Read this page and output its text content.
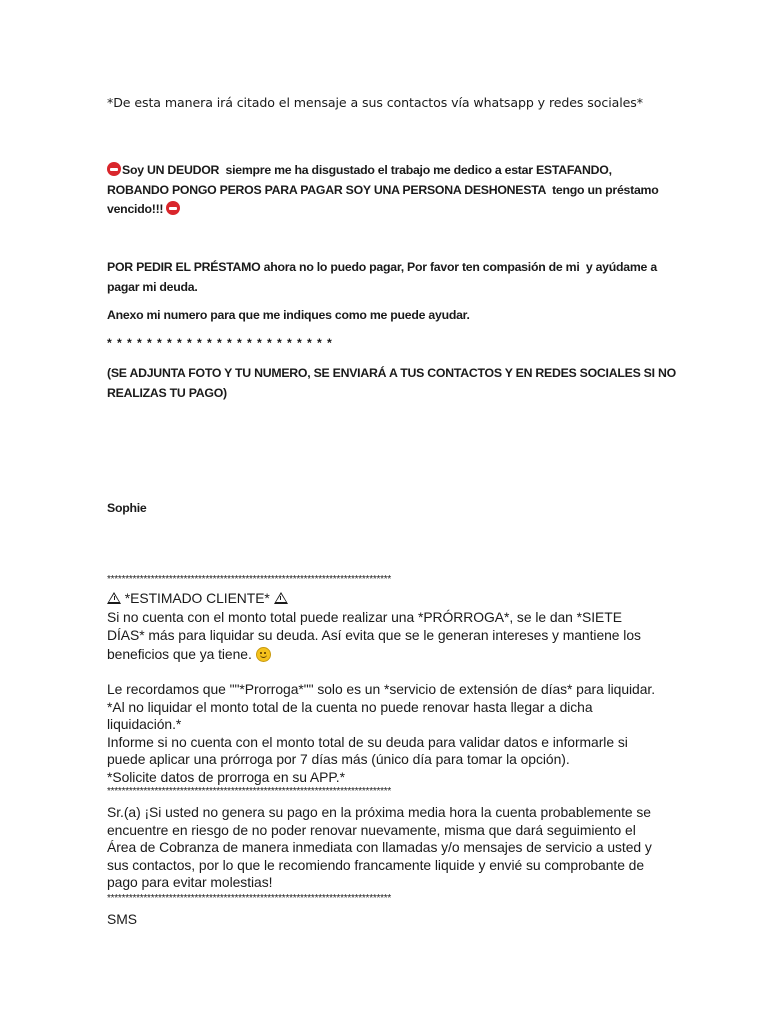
*De esta manera irá citado el mensaje a sus contactos vía whatsapp y redes sociales*

Soy UN DEUDOR  siempre me ha disgustado el trabajo me dedico a estar ESTAFANDO,
ROBANDO PONGO PEROS PARA PAGAR SOY UNA PERSONA DESHONESTA  tengo un préstamo
vencido!!!
POR PEDIR EL PRÉSTAMO ahora no lo puedo pagar, Por favor ten compasión de mi  y ayúdame a
pagar mi deuda.
Anexo mi numero para que me indiques como me puede ayudar.
* * * * * * * * * * * * * * * * * * * * * * *
(SE ADJUNTA FOTO Y TU NUMERO, SE ENVIARÁ A TUS CONTACTOS Y EN REDES SOCIALES SI NO
REALIZAS TU PAGO)
Sophie
******************************************************************************
*ESTIMADO CLIENTE*
Si no cuenta con el monto total puede realizar una *PRÓRROGA*, se le dan *SIETE
DÍAS* más para liquidar su deuda. Así evita que se le generan intereses y mantiene los
beneficios que ya tiene.
Le recordamos que ""*Prorroga*"" solo es un *servicio de extensión de días* para liquidar.
*Al no liquidar el monto total de la cuenta no puede renovar hasta llegar a dicha
liquidación.*
Informe si no cuenta con el monto total de su deuda para validar datos e informarle si
puede aplicar una prórroga por 7 días más (único día para tomar la opción).
*Solicite datos de prorroga en su APP.*
******************************************************************************
Sr.(a) ¡Si usted no genera su pago en la próxima media hora la cuenta probablemente se
encuentre en riesgo de no poder renovar nuevamente, misma que dará seguimiento el
Área de Cobranza de manera inmediata con llamadas y/o mensajes de servicio a usted y
sus contactos, por lo que le recomiendo francamente liquide y envié su comprobante de
pago para evitar molestias!
******************************************************************************
SMS
